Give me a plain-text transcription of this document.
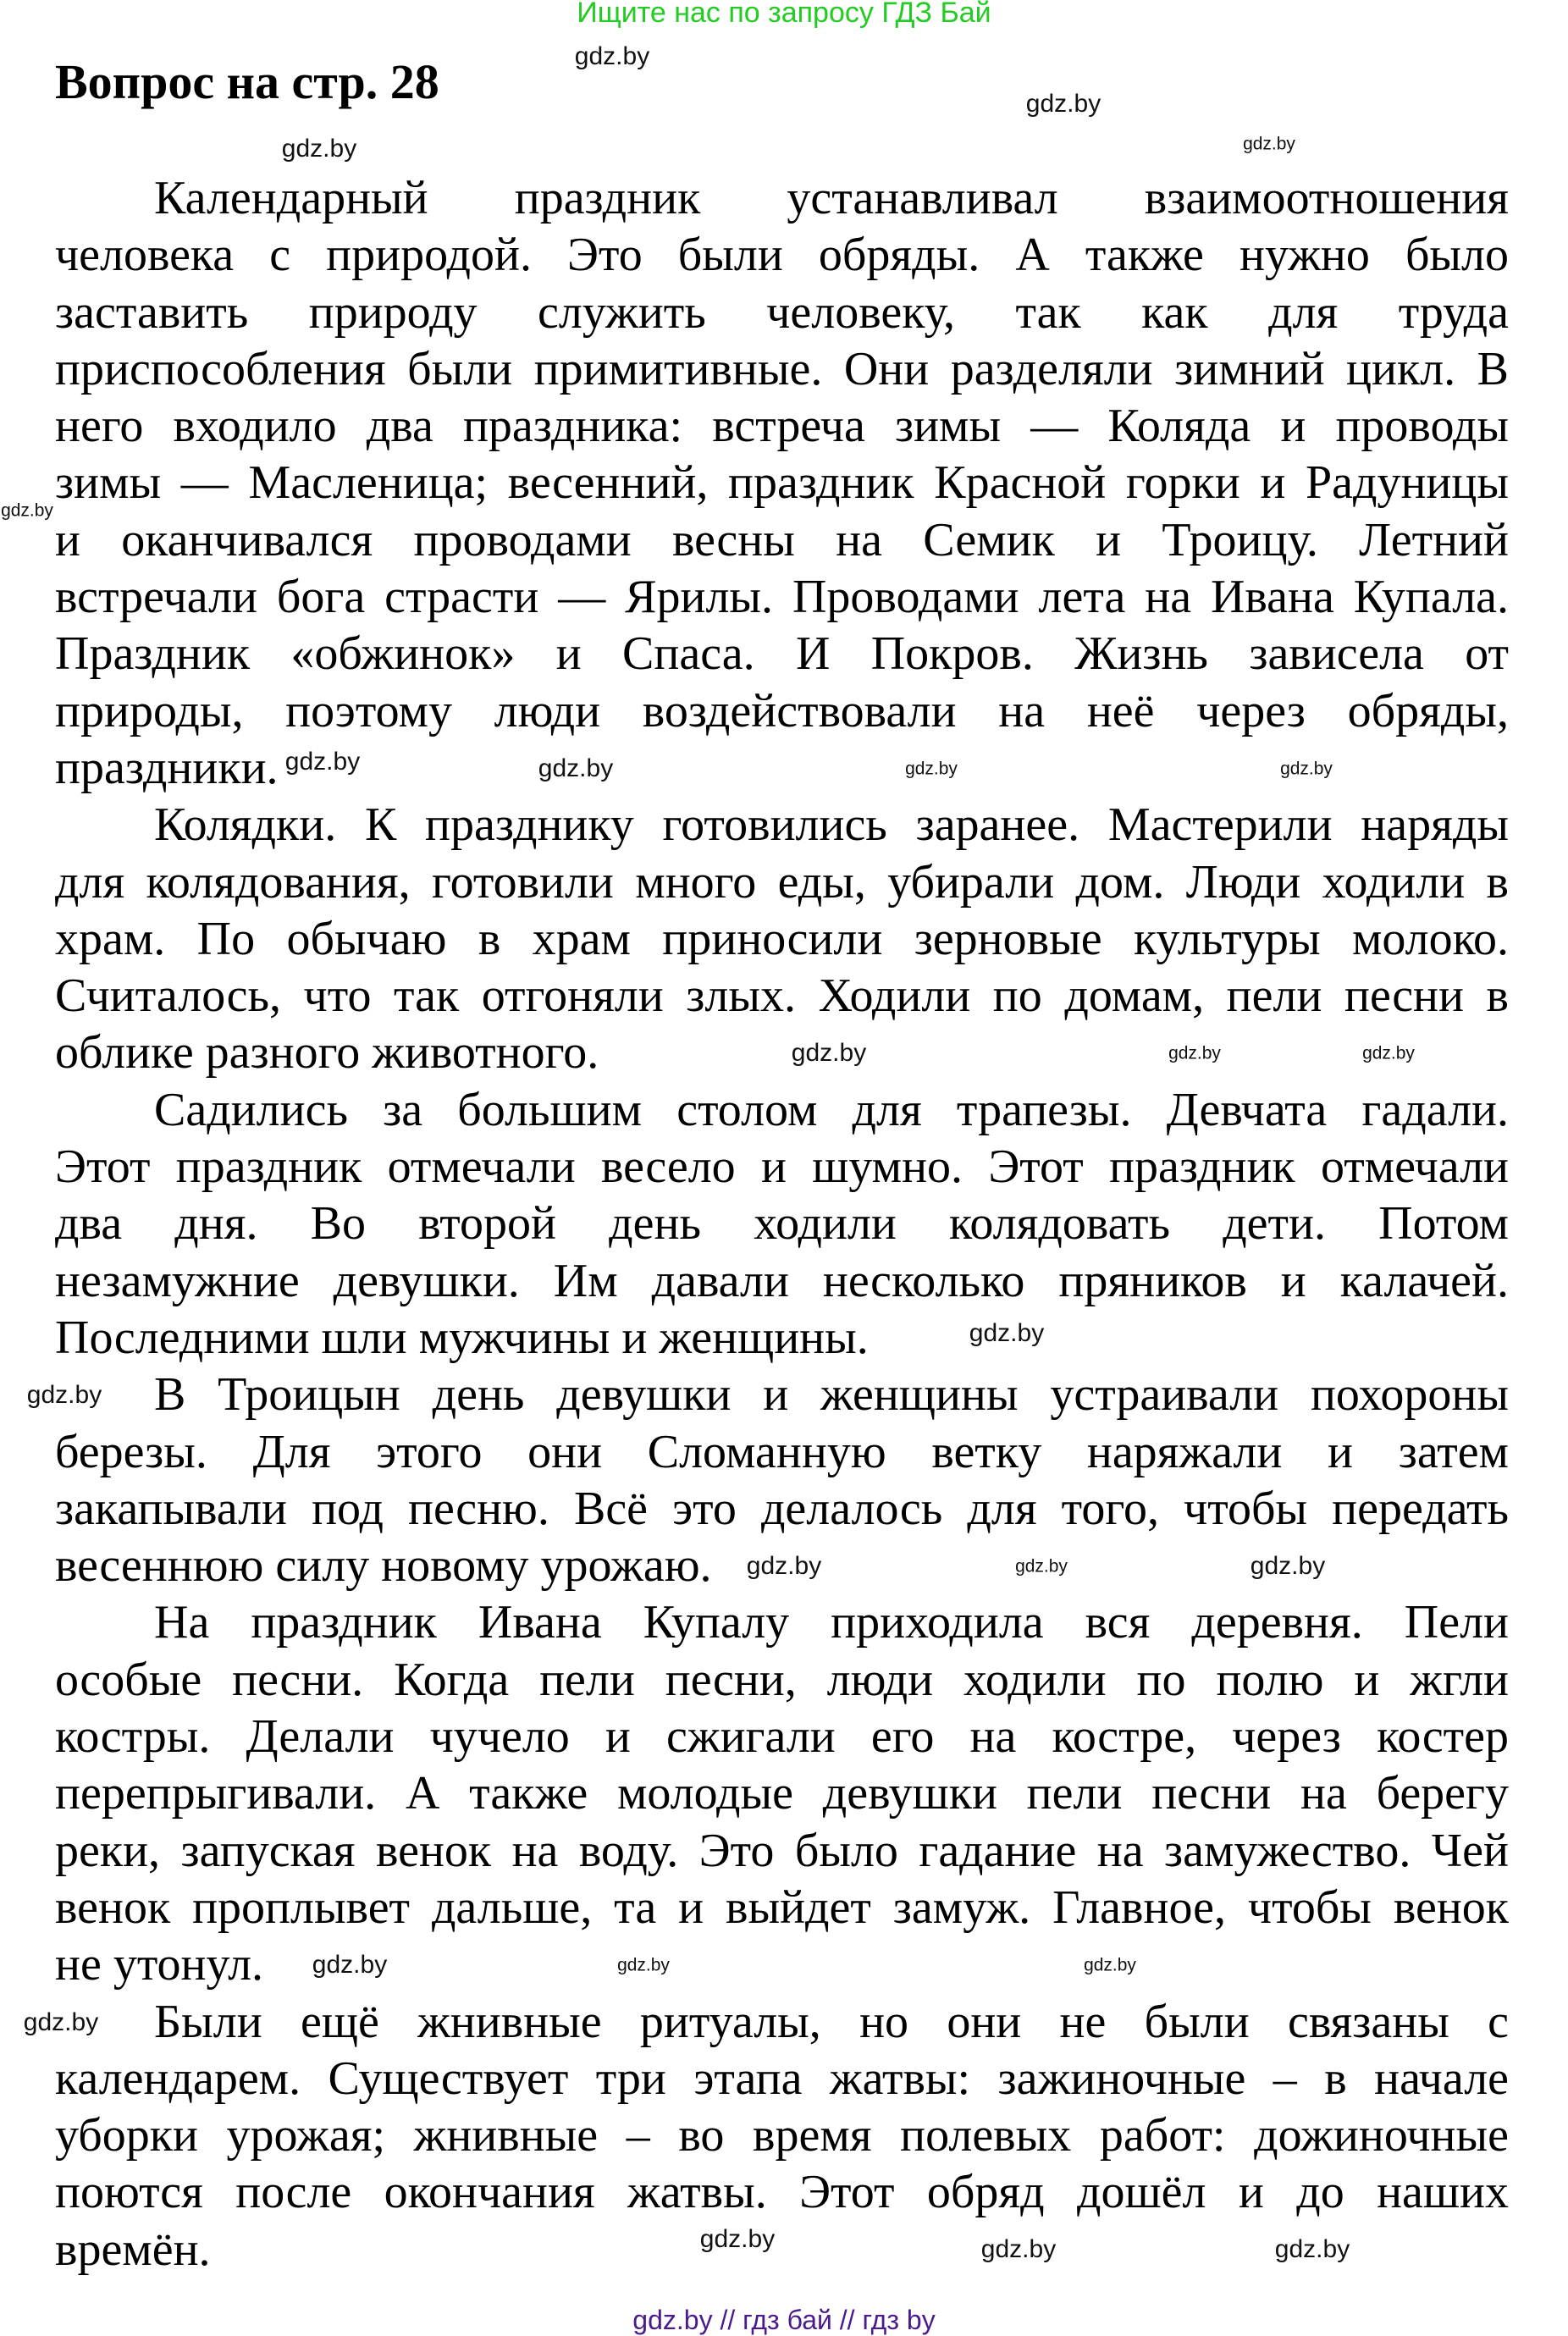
Ищите нас по запросу ГДЗ Бай
Вопрос на стр. 28
Календарный праздник устанавливал взаимоотношения
человека с природой. Это были обряды. А также нужно было
заставить природу служить человеку, так как для труда
приспособления были примитивные. Они разделяли зимний цикл. В
него входило два праздника: встреча зимы — Коляда и проводы
зимы — Масленица; весенний, праздник Красной горки и Радуницы
и оканчивался проводами весны на Семик и Троицу. Летний
встречали бога страсти — Ярилы. Проводами лета на Ивана Купала.
Праздник «обжинок» и Спаса. И Покров. Жизнь зависела от
природы, поэтому люди воздействовали на неё через обряды,
праздники.
Колядки. К празднику готовились заранее. Мастерили наряды
для колядования, готовили много еды, убирали дом. Люди ходили в
храм. По обычаю в храм приносили зерновые культуры молоко.
Считалось, что так отгоняли злых. Ходили по домам, пели песни в
облике разного животного.
Садились за большим столом для трапезы. Девчата гадали.
Этот праздник отмечали весело и шумно. Этот праздник отмечали
два дня. Во второй день ходили колядовать дети. Потом
незамужние девушки. Им давали несколько пряников и калачей.
Последними шли мужчины и женщины.
В Троицын день девушки и женщины устраивали похороны
березы. Для этого они Сломанную ветку наряжали и затем
закапывали под песню. Всё это делалось для того, чтобы передать
весеннюю силу новому урожаю.
На праздник Ивана Купалу приходила вся деревня. Пели
особые песни. Когда пели песни, люди ходили по полю и жгли
костры. Делали чучело и сжигали его на костре, через костер
перепрыгивали. А также молодые девушки пели песни на берегу
реки, запуская венок на воду. Это было гадание на замужество. Чей
венок проплывет дальше, та и выйдет замуж. Главное, чтобы венок
не утонул.
Были ещё жнивные ритуалы, но они не были связаны с
календарем. Существует три этапа жатвы: зажиночные – в начале
уборки урожая; жнивные – во время полевых работ: дожиночные
поются после окончания жатвы. Этот обряд дошёл и до наших
времён.
gdz.by
gdz.by
gdz.by	gdz.by
gdz.by
gdz.by
gdz.by
gdz.by
gdz.by	gdz.by
gdz.by
gdz.by
gdz.by
gdz.by
gdz.by
gdz.by	gdz.by
gdz.by	gdz.by
gdz.by
gdz.by
gdz.by
gdz.by	gdz.by
gdz.by // гдз бай // гдз by
